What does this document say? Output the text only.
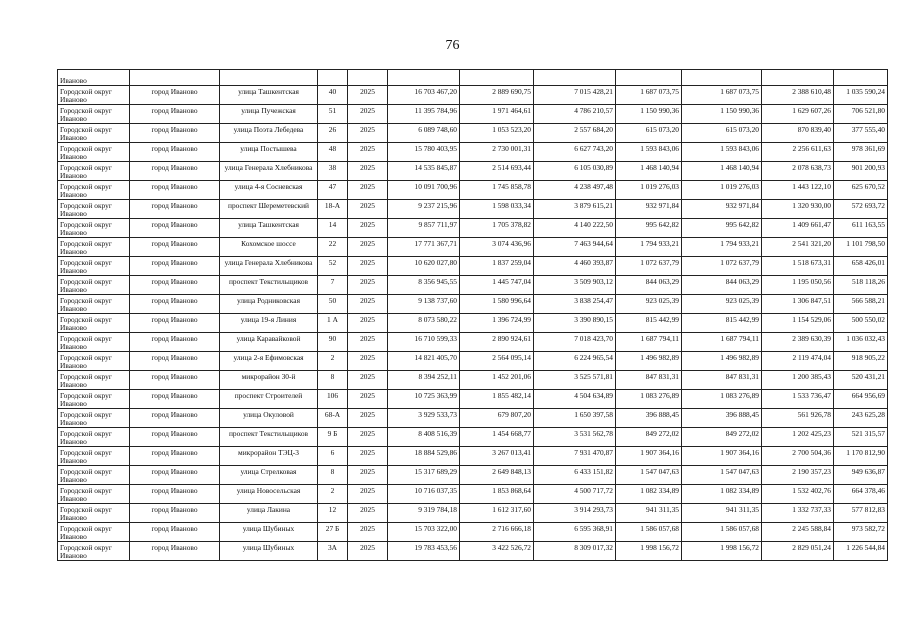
76
Иваново											
Городской округ Иваново	город Иваново	улица Ташкентская	40	2025	16 703 467,20	2 889 690,75	7 015 428,21	1 687 073,75	1 687 073,75	2 388 610,48	1 035 590,24
Городской округ Иваново	город Иваново	улица Пучежская	51	2025	11 395 784,96	1 971 464,61	4 786 210,57	1 150 990,36	1 150 990,36	1 629 607,26	706 521,80
Городской округ Иваново	город Иваново	улица Поэта Лебедева	26	2025	6 089 748,60	1 053 523,20	2 557 684,20	615 073,20	615 073,20	870 839,40	377 555,40
Городской округ Иваново	город Иваново	улица Постышева	48	2025	15 780 403,95	2 730 001,31	6 627 743,20	1 593 843,06	1 593 843,06	2 256 611,63	978 361,69
Городской округ Иваново	город Иваново	улица Генерала Хлебникова	38	2025	14 535 845,87	2 514 693,44	6 105 030,89	1 468 140,94	1 468 140,94	2 078 638,73	901 200,93
Городской округ Иваново	город Иваново	улица 4-я Сосневская	47	2025	10 091 700,96	1 745 858,78	4 238 497,48	1 019 276,03	1 019 276,03	1 443 122,10	625 670,52
Городской округ Иваново	город Иваново	проспект Шереметевский	18-А	2025	9 237 215,96	1 598 033,34	3 879 615,21	932 971,84	932 971,84	1 320 930,00	572 693,72
Городской округ Иваново	город Иваново	улица Ташкентская	14	2025	9 857 711,97	1 705 378,82	4 140 222,50	995 642,82	995 642,82	1 409 661,47	611 163,55
Городской округ Иваново	город Иваново	Кохомское шоссе	22	2025	17 771 367,71	3 074 436,96	7 463 944,64	1 794 933,21	1 794 933,21	2 541 321,20	1 101 798,50
Городской округ Иваново	город Иваново	улица Генерала Хлебникова	52	2025	10 620 027,80	1 837 259,04	4 460 393,87	1 072 637,79	1 072 637,79	1 518 673,31	658 426,01
Городской округ Иваново	город Иваново	проспект Текстильщиков	7	2025	8 356 945,55	1 445 747,04	3 509 903,12	844 063,29	844 063,29	1 195 050,56	518 118,26
Городской округ Иваново	город Иваново	улица Родниковская	50	2025	9 138 737,60	1 580 996,64	3 838 254,47	923 025,39	923 025,39	1 306 847,51	566 588,21
Городской округ Иваново	город Иваново	улица 19-я Линия	1 А	2025	8 073 580,22	1 396 724,99	3 390 890,15	815 442,99	815 442,99	1 154 529,06	500 550,02
Городской округ Иваново	город Иваново	улица Каравайковой	90	2025	16 710 599,33	2 890 924,61	7 018 423,70	1 687 794,11	1 687 794,11	2 389 630,39	1 036 032,43
Городской округ Иваново	город Иваново	улица 2-я Ефимовская	2	2025	14 821 405,70	2 564 095,14	6 224 965,54	1 496 982,89	1 496 982,89	2 119 474,04	918 905,22
Городской округ Иваново	город Иваново	микрорайон 30-й	8	2025	8 394 252,11	1 452 201,06	3 525 571,81	847 831,31	847 831,31	1 200 385,43	520 431,21
Городской округ Иваново	город Иваново	проспект Строителей	106	2025	10 725 363,99	1 855 482,14	4 504 634,89	1 083 276,89	1 083 276,89	1 533 736,47	664 956,69
Городской округ Иваново	город Иваново	улица Окуловой	68-А	2025	3 929 533,73	679 807,20	1 650 397,58	396 888,45	396 888,45	561 926,78	243 625,28
Городской округ Иваново	город Иваново	проспект Текстильщиков	9 Б	2025	8 408 516,39	1 454 668,77	3 531 562,78	849 272,02	849 272,02	1 202 425,23	521 315,57
Городской округ Иваново	город Иваново	микрорайон ТЭЦ-3	6	2025	18 884 529,86	3 267 013,41	7 931 470,87	1 907 364,16	1 907 364,16	2 700 504,36	1 170 812,90
Городской округ Иваново	город Иваново	улица Стрелковая	8	2025	15 317 689,29	2 649 848,13	6 433 151,82	1 547 047,63	1 547 047,63	2 190 357,23	949 636,87
Городской округ Иваново	город Иваново	улица Новосельская	2	2025	10 716 037,35	1 853 868,64	4 500 717,72	1 082 334,89	1 082 334,89	1 532 402,76	664 378,46
Городской округ Иваново	город Иваново	улица Лакина	12	2025	9 319 784,18	1 612 317,60	3 914 293,73	941 311,35	941 311,35	1 332 737,33	577 812,83
Городской округ Иваново	город Иваново	улица Шубиных	27 Б	2025	15 703 322,00	2 716 666,18	6 595 368,91	1 586 057,68	1 586 057,68	2 245 588,84	973 582,72
Городской округ Иваново	город Иваново	улица Шубиных	3А	2025	19 783 453,56	3 422 526,72	8 309 017,32	1 998 156,72	1 998 156,72	2 829 051,24	1 226 544,84
